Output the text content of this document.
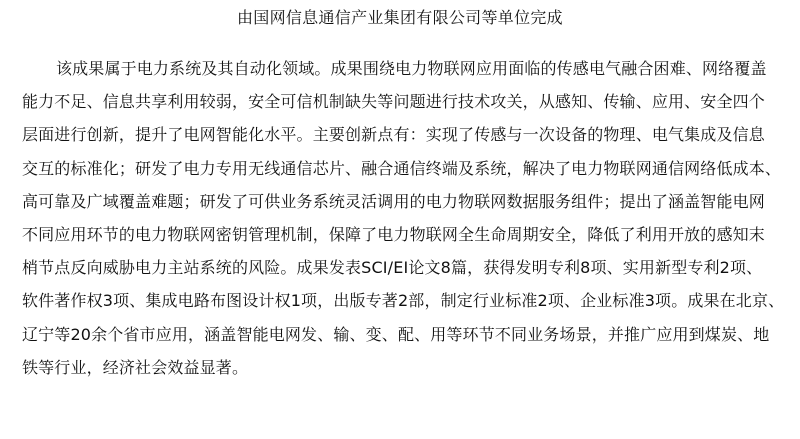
由国网信息通信产业集团有限公司等单位完成
该成果属于电力系统及其自动化领域。成果围绕电力物联网应用面临的传感电气融合困难、网络覆盖
能力不足、信息共享利用较弱，安全可信机制缺失等问题进行技术攻关，从感知、传输、应用、安全四个
层面进行创新，提升了电网智能化水平。主要创新点有：实现了传感与一次设备的物理、电气集成及信息
交互的标准化；研发了电力专用无线通信芯片、融合通信终端及系统，解决了电力物联网通信网络低成本、
高可靠及广域覆盖难题；研发了可供业务系统灵活调用的电力物联网数据服务组件；提出了涵盖智能电网
不同应用环节的电力物联网密钥管理机制，保障了电力物联网全生命周期安全，降低了利用开放的感知末
梢节点反向威胁电力主站系统的风险。成果发表SCI/EI论文8篇，获得发明专利8项、实用新型专利2项、
软件著作权3项、集成电路布图设计权1项，出版专著2部，制定行业标准2项、企业标准3项。成果在北京、
辽宁等20余个省市应用，涵盖智能电网发、输、变、配、用等环节不同业务场景，并推广应用到煤炭、地
铁等行业，经济社会效益显著。
